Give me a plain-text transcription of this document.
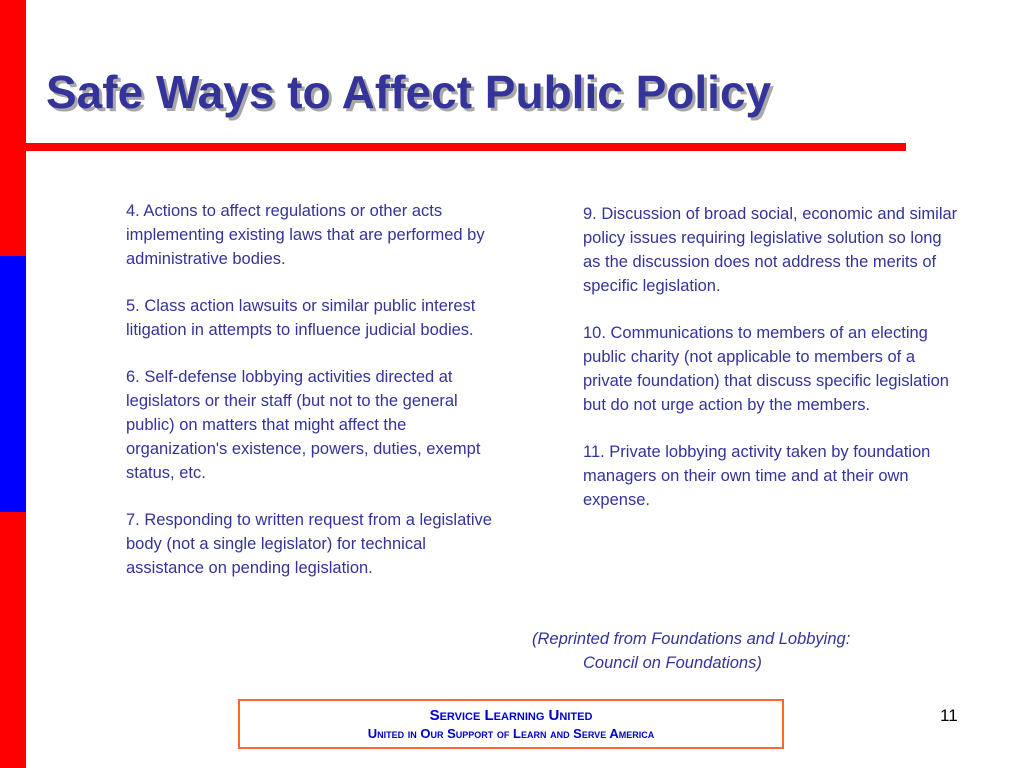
Safe Ways to Affect Public Policy

4. Actions to affect regulations or other acts implementing existing laws that are performed by administrative bodies.

5. Class action lawsuits or similar public interest litigation in attempts to influence judicial bodies.

6. Self-defense lobbying activities directed at legislators or their staff (but not to the general public) on matters that might affect the organization's existence, powers, duties, exempt status, etc.

7. Responding to written request from a legislative body (not a single legislator) for technical assistance on pending legislation.

9. Discussion of broad social, economic and similar policy issues requiring legislative solution so long as the discussion does not address the merits of specific legislation.

10. Communications to members of an electing public charity (not applicable to members of a private foundation) that discuss specific legislation but do not urge action by the members.

11. Private lobbying activity taken by foundation managers on their own time and at their own expense.

(Reprinted from Foundations and Lobbying:
Council on Foundations)
Service Learning United
United in Our Support of Learn and Serve America
11
